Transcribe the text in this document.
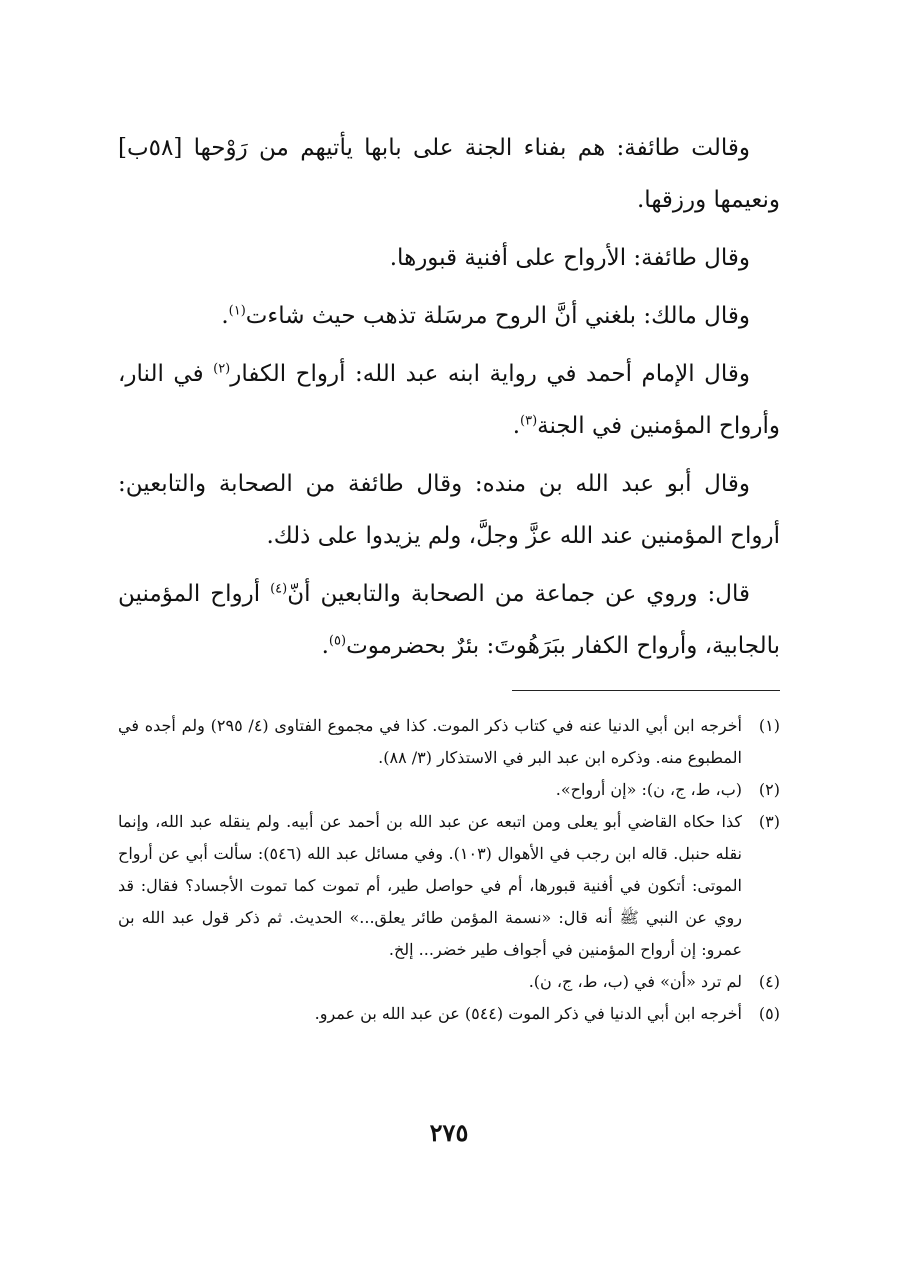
وقالت طائفة: هم بفناء الجنة على بابها يأتيهم من رَوْحها [٥٨ب] ونعيمها ورزقها.

وقال طائفة: الأرواح على أفنية قبورها.

وقال مالك: بلغني أنَّ الروح مرسَلة تذهب حيث شاءت$^{(١)}$.

وقال الإمام أحمد في رواية ابنه عبد الله: أرواح الكفار$^{(٢)}$ في النار، وأرواح المؤمنين في الجنة$^{(٣)}$.

وقال أبو عبد الله بن منده: وقال طائفة من الصحابة والتابعين: أرواح المؤمنين عند الله عزَّ وجلَّ، ولم يزيدوا على ذلك.

قال: وروي عن جماعة من الصحابة والتابعين أنّ$^{(٤)}$ أرواح المؤمنين بالجابية، وأرواح الكفار ببَرَهُوتَ: بئرٌ بحضرموت$^{(٥)}$.

(١)
أخرجه ابن أبي الدنيا عنه في كتاب ذكر الموت. كذا في مجموع الفتاوى (٤/ ٢٩٥) ولم أجده في المطبوع منه. وذكره ابن عبد البر في الاستذكار (٣/ ٨٨).
(٢)
(ب، ط، ج، ن): «إن أرواح».
(٣)
كذا حكاه القاضي أبو يعلى ومن اتبعه عن عبد الله بن أحمد عن أبيه. ولم ينقله عبد الله، وإنما نقله حنبل. قاله ابن رجب في الأهوال (١٠٣). وفي مسائل عبد الله (٥٤٦): سألت أبي عن أرواح الموتى: أتكون في أفنية قبورها، أم في حواصل طير، أم تموت كما تموت الأجساد؟ فقال: قد روي عن النبي ﷺ أنه قال: «نسمة المؤمن طائر يعلق...» الحديث. ثم ذكر قول عبد الله بن عمرو: إن أرواح المؤمنين في أجواف طير خضر... إلخ.
(٤)
لم ترد «أن» في (ب، ط، ج، ن).
(٥)
أخرجه ابن أبي الدنيا في ذكر الموت (٥٤٤) عن عبد الله بن عمرو.
٢٧٥
